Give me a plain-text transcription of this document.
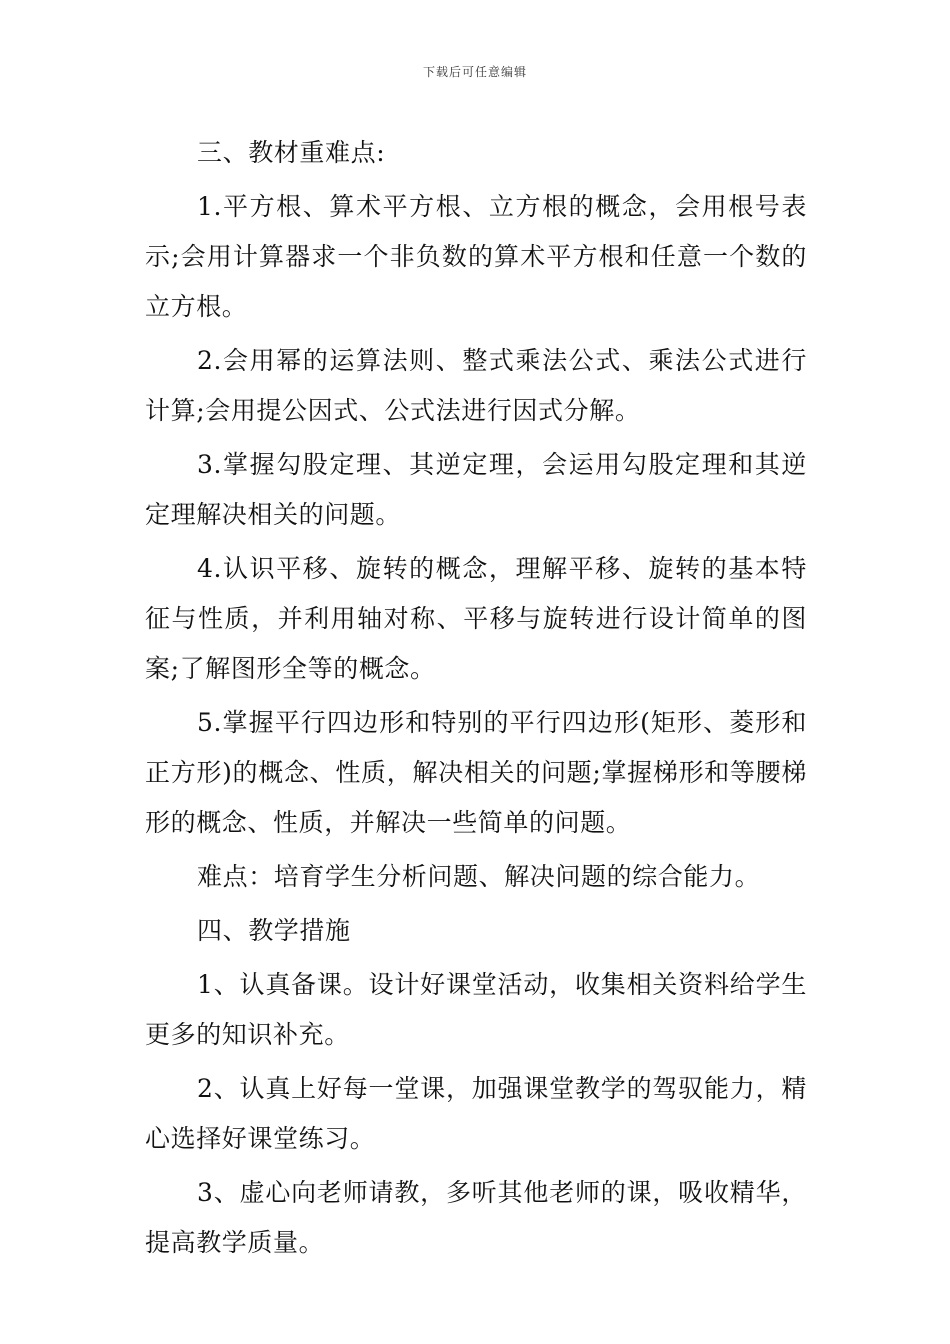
下载后可任意编辑

三、教材重难点:

1.平方根、算术平方根、立方根的概念，会用根号表示;会用计算器求一个非负数的算术平方根和任意一个数的立方根。

2.会用幂的运算法则、整式乘法公式、乘法公式进行计算;会用提公因式、公式法进行因式分解。

3.掌握勾股定理、其逆定理，会运用勾股定理和其逆定理解决相关的问题。

4.认识平移、旋转的概念，理解平移、旋转的基本特征与性质，并利用轴对称、平移与旋转进行设计简单的图案;了解图形全等的概念。

5.掌握平行四边形和特别的平行四边形(矩形、菱形和正方形)的概念、性质，解决相关的问题;掌握梯形和等腰梯形的概念、性质，并解决一些简单的问题。

难点：培育学生分析问题、解决问题的综合能力。

四、教学措施

1、认真备课。设计好课堂活动，收集相关资料给学生更多的知识补充。

2、认真上好每一堂课，加强课堂教学的驾驭能力，精心选择好课堂练习。

3、虚心向老师请教，多听其他老师的课，吸收精华，提高教学质量。
